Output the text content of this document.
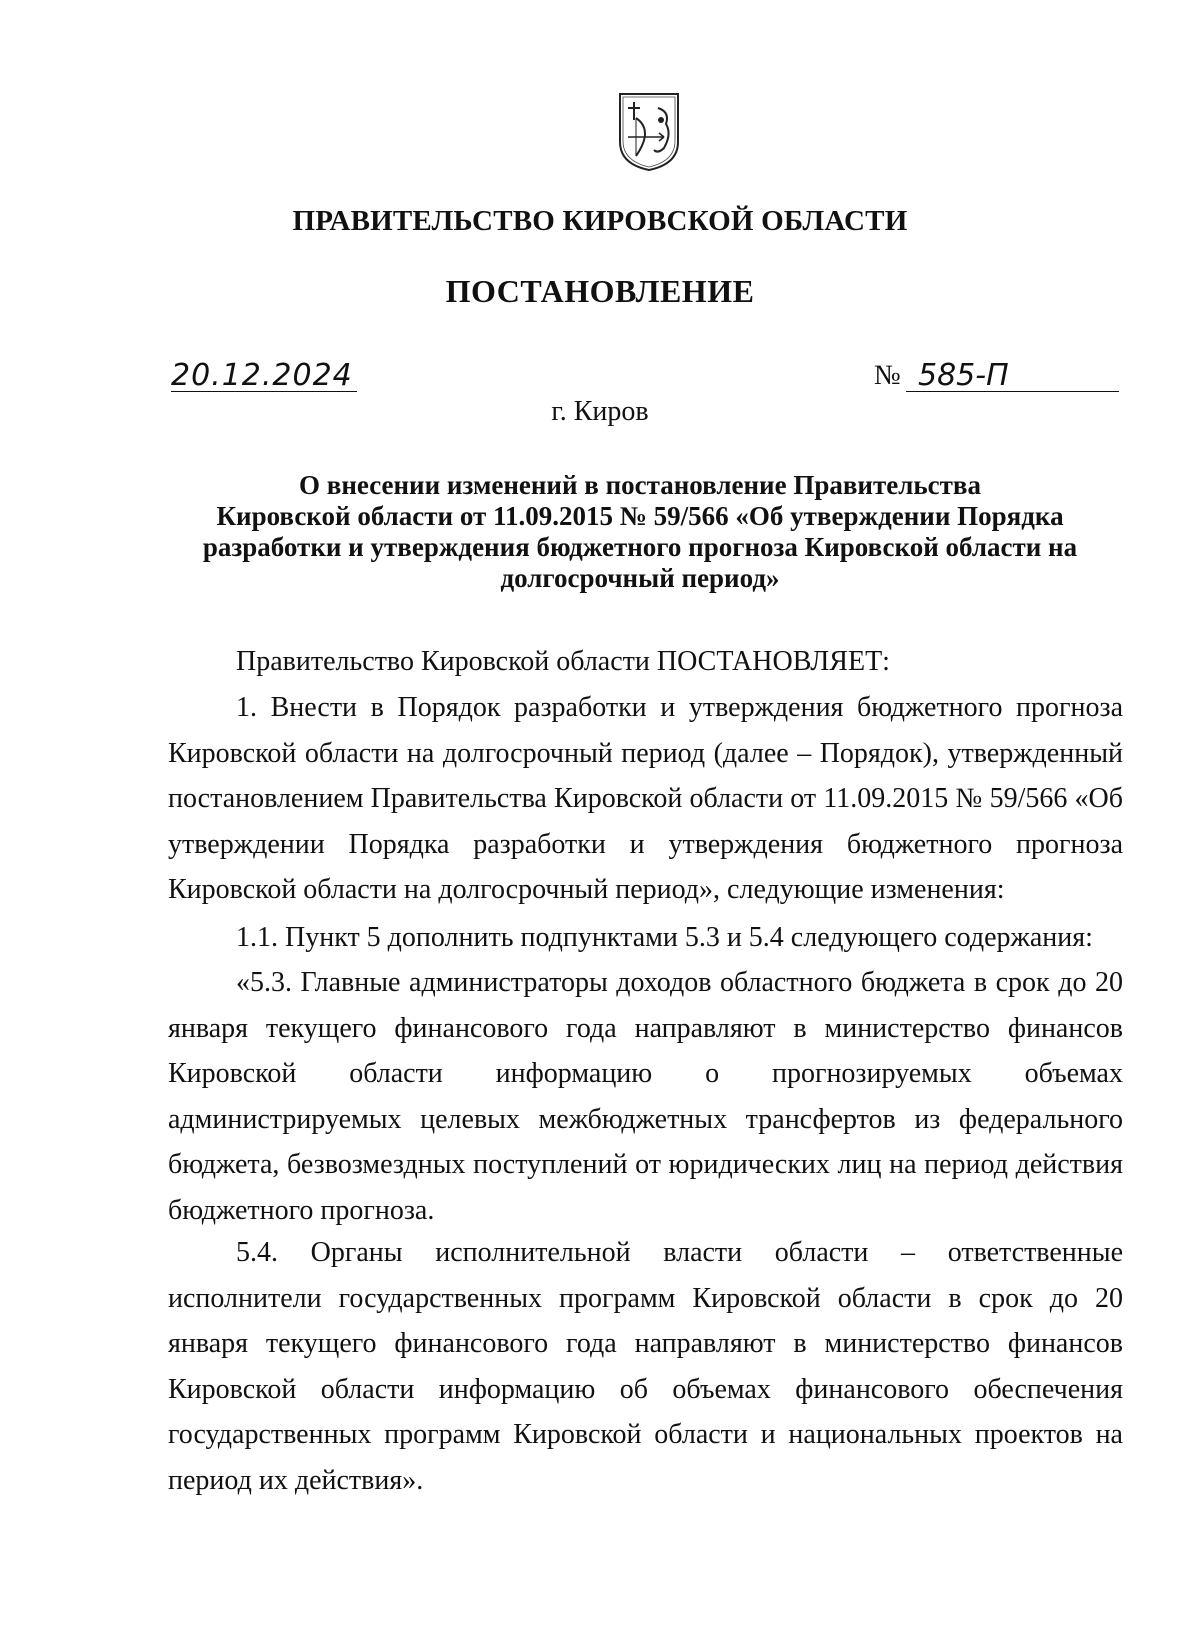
ПРАВИТЕЛЬСТВО КИРОВСКОЙ ОБЛАСТИ
ПОСТАНОВЛЕНИЕ
20.12.2024	№ 585-П
г. Киров
О внесении изменений в постановление Правительства
Кировской области от 11.09.2015 № 59/566 «Об утверждении Порядка
разработки и утверждения бюджетного прогноза Кировской области на
долгосрочный период»

Правительство Кировской области ПОСТАНОВЛЯЕТ:

1. Внести в Порядок разработки и утверждения бюджетного прогноза Кировской области на долгосрочный период (далее – Порядок), утвержденный постановлением Правительства Кировской области от 11.09.2015 № 59/566 «Об утверждении Порядка разработки и утверждения бюджетного прогноза Кировской области на долгосрочный период», следующие изменения:

1.1. Пункт 5 дополнить подпунктами 5.3 и 5.4 следующего содержания:

«5.3. Главные администраторы доходов областного бюджета в срок до 20 января текущего финансового года направляют в министерство финансов Кировской области информацию о прогнозируемых объемах администрируемых целевых межбюджетных трансфертов из федерального бюджета, безвозмездных поступлений от юридических лиц на период действия бюджетного прогноза.

5.4. Органы исполнительной власти области – ответственные исполнители государственных программ Кировской области в срок до 20 января текущего финансового года направляют в министерство финансов Кировской области информацию об объемах финансового обеспечения государственных программ Кировской области и национальных проектов на период их действия».
